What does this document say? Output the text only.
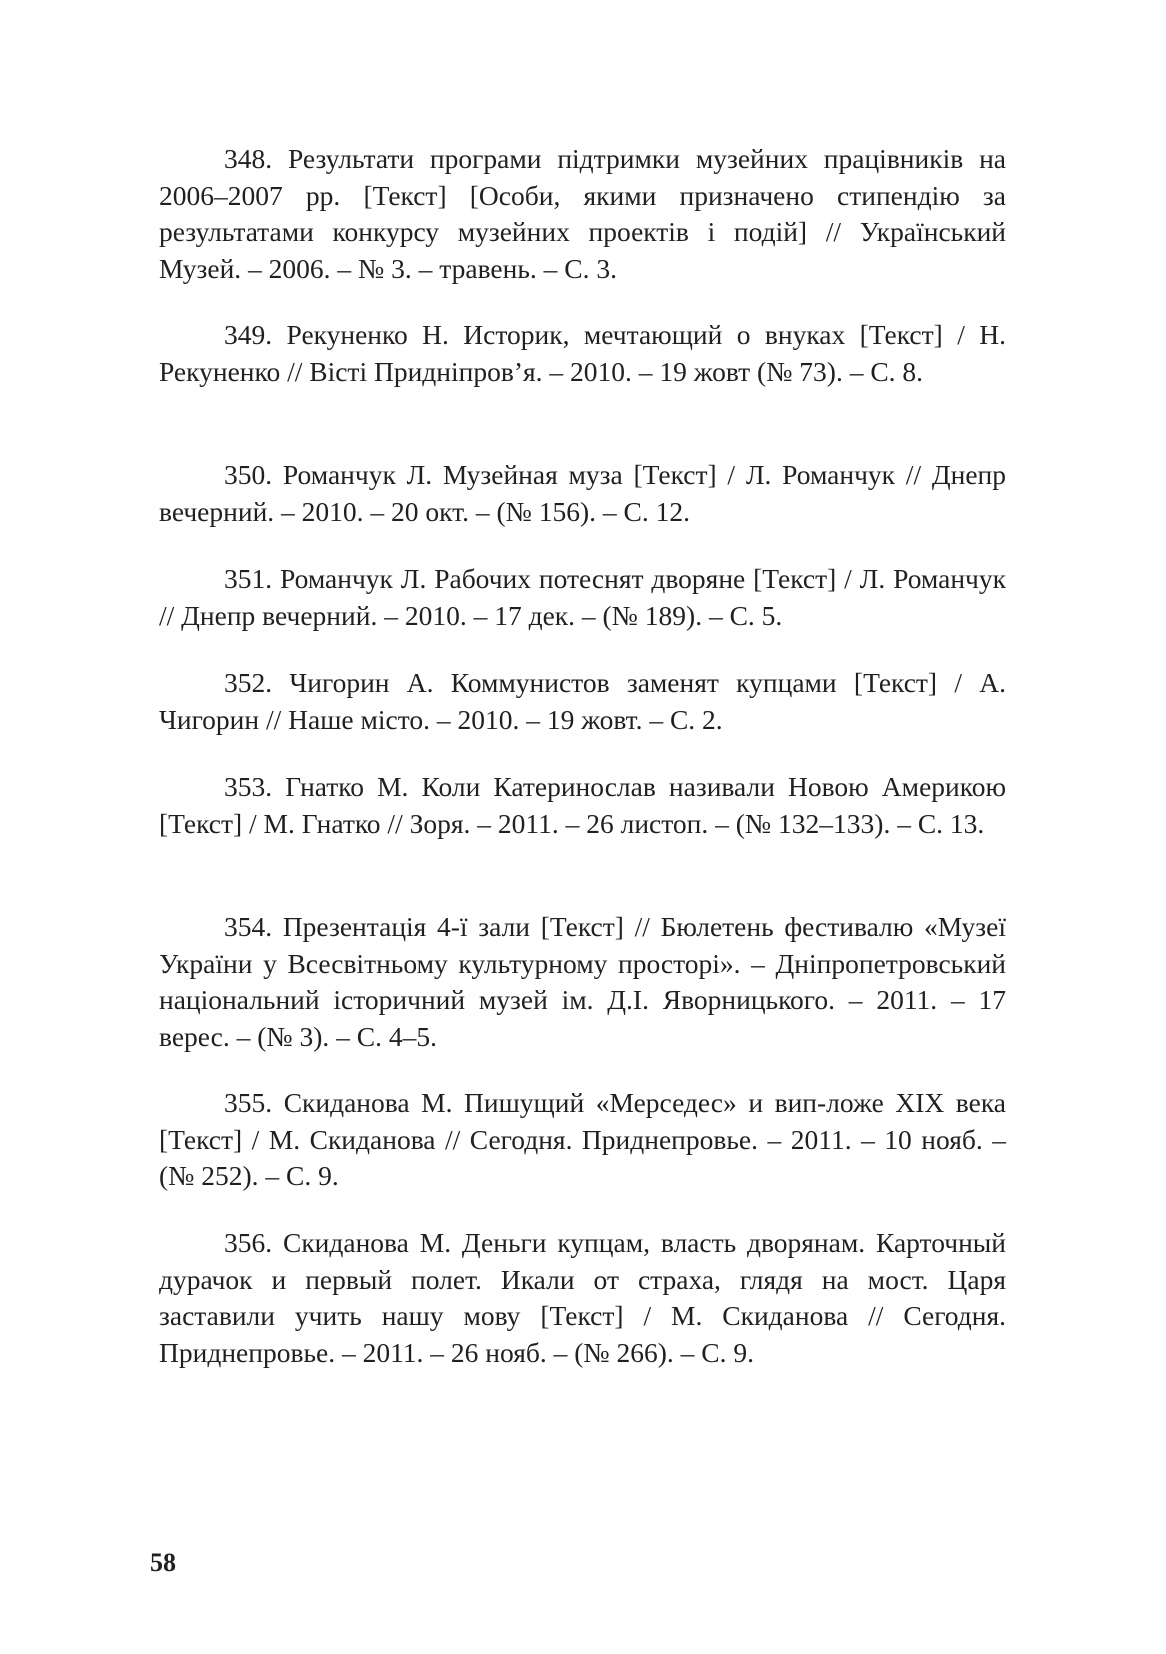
348. Результати програми підтримки музейних працівників на 2006–2007 рр. [Текст] [Особи, якими призначено стипендію за результатами конкурсу музейних проектів і подій] // Український Музей. – 2006. – № 3. – травень. – С. 3.

349. Рекуненко Н. Историк, мечтающий о внуках [Текст] / Н. Рекуненко // Вісті Придніпров’я. – 2010. – 19 жовт (№ 73). – С. 8.

350. Романчук Л. Музейная муза [Текст] / Л. Романчук // Днепр вечерний. – 2010. – 20 окт. – (№ 156). – С. 12.

351. Романчук Л. Рабочих потеснят дворяне [Текст] / Л. Романчук // Днепр вечерний. – 2010. – 17 дек. – (№ 189). – С. 5.

352. Чигорин А. Коммунистов заменят купцами [Текст] / А. Чигорин // Наше місто. – 2010. – 19 жовт. – С. 2.

353. Гнатко М. Коли Катеринослав називали Новою Америкою [Текст] / М. Гнатко // Зоря. – 2011. – 26 листоп. – (№ 132–133). – С. 13.

354. Презентація 4-ї зали [Текст] // Бюлетень фестивалю «Музеї України у Всесвітньому культурному просторі». – Дніпропетровський національний історичний музей ім. Д.І. Яворницького. – 2011. – 17 верес. – (№ 3). – С. 4–5.

355. Скиданова М. Пишущий «Мерседес» и вип-ложе XIX века [Текст] / М. Скиданова // Сегодня. Приднепровье. – 2011. – 10 нояб. – (№ 252). – С. 9.

356. Скиданова М. Деньги купцам, власть дворянам. Карточный дурачок и первый полет. Икали от страха, глядя на мост. Царя заставили учить нашу мову [Текст] / М. Скиданова // Сегодня. Приднепровье. – 2011. – 26 нояб. – (№ 266). – С. 9.

58
